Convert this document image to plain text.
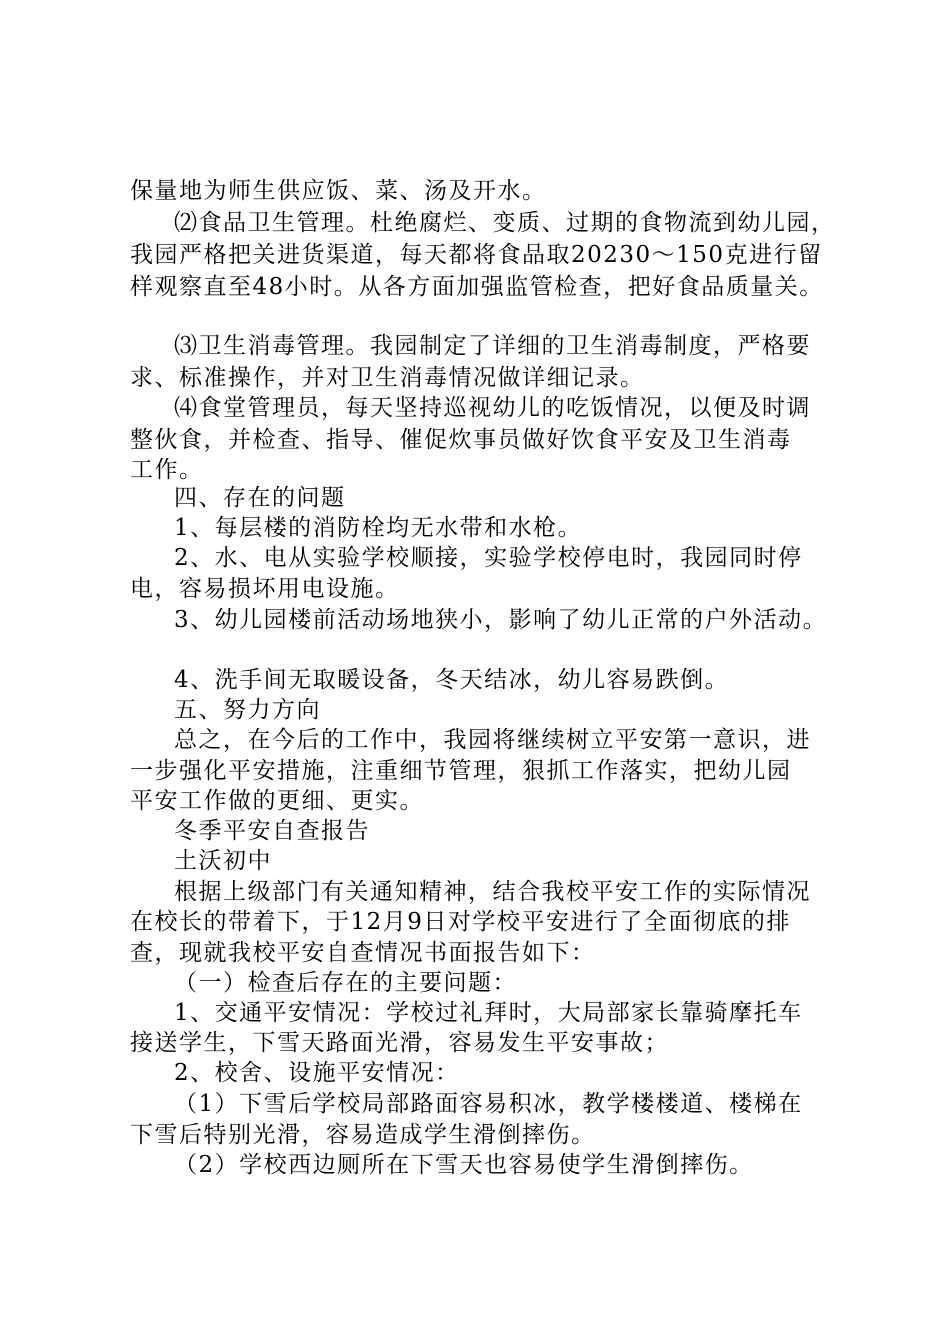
保量地为师生供应饭、菜、汤及开水。
⑵食品卫生管理。杜绝腐烂、变质、过期的食物流到幼儿园，
我园严格把关进货渠道，每天都将食品取20230～150克进行留
样观察直至48小时。从各方面加强监管检查，把好食品质量关。
⑶卫生消毒管理。我园制定了详细的卫生消毒制度，严格要
求、标准操作，并对卫生消毒情况做详细记录。
⑷食堂管理员，每天坚持巡视幼儿的吃饭情况，以便及时调
整伙食，并检查、指导、催促炊事员做好饮食平安及卫生消毒
工作。
四、存在的问题
1、每层楼的消防栓均无水带和水枪。
2、水、电从实验学校顺接，实验学校停电时，我园同时停
电，容易损坏用电设施。
3、幼儿园楼前活动场地狭小，影响了幼儿正常的户外活动。
4、洗手间无取暖设备，冬天结冰，幼儿容易跌倒。
五、努力方向
总之，在今后的工作中，我园将继续树立平安第一意识，进
一步强化平安措施，注重细节管理，狠抓工作落实，把幼儿园
平安工作做的更细、更实。
冬季平安自查报告
土沃初中
根据上级部门有关通知精神，结合我校平安工作的实际情况
在校长的带着下，于12月9日对学校平安进行了全面彻底的排
查，现就我校平安自查情况书面报告如下：
（一）检查后存在的主要问题：
1、交通平安情况：学校过礼拜时，大局部家长靠骑摩托车
接送学生，下雪天路面光滑，容易发生平安事故；
2、校舍、设施平安情况：
（1）下雪后学校局部路面容易积冰，教学楼楼道、楼梯在
下雪后特别光滑，容易造成学生滑倒摔伤。
（2）学校西边厕所在下雪天也容易使学生滑倒摔伤。
